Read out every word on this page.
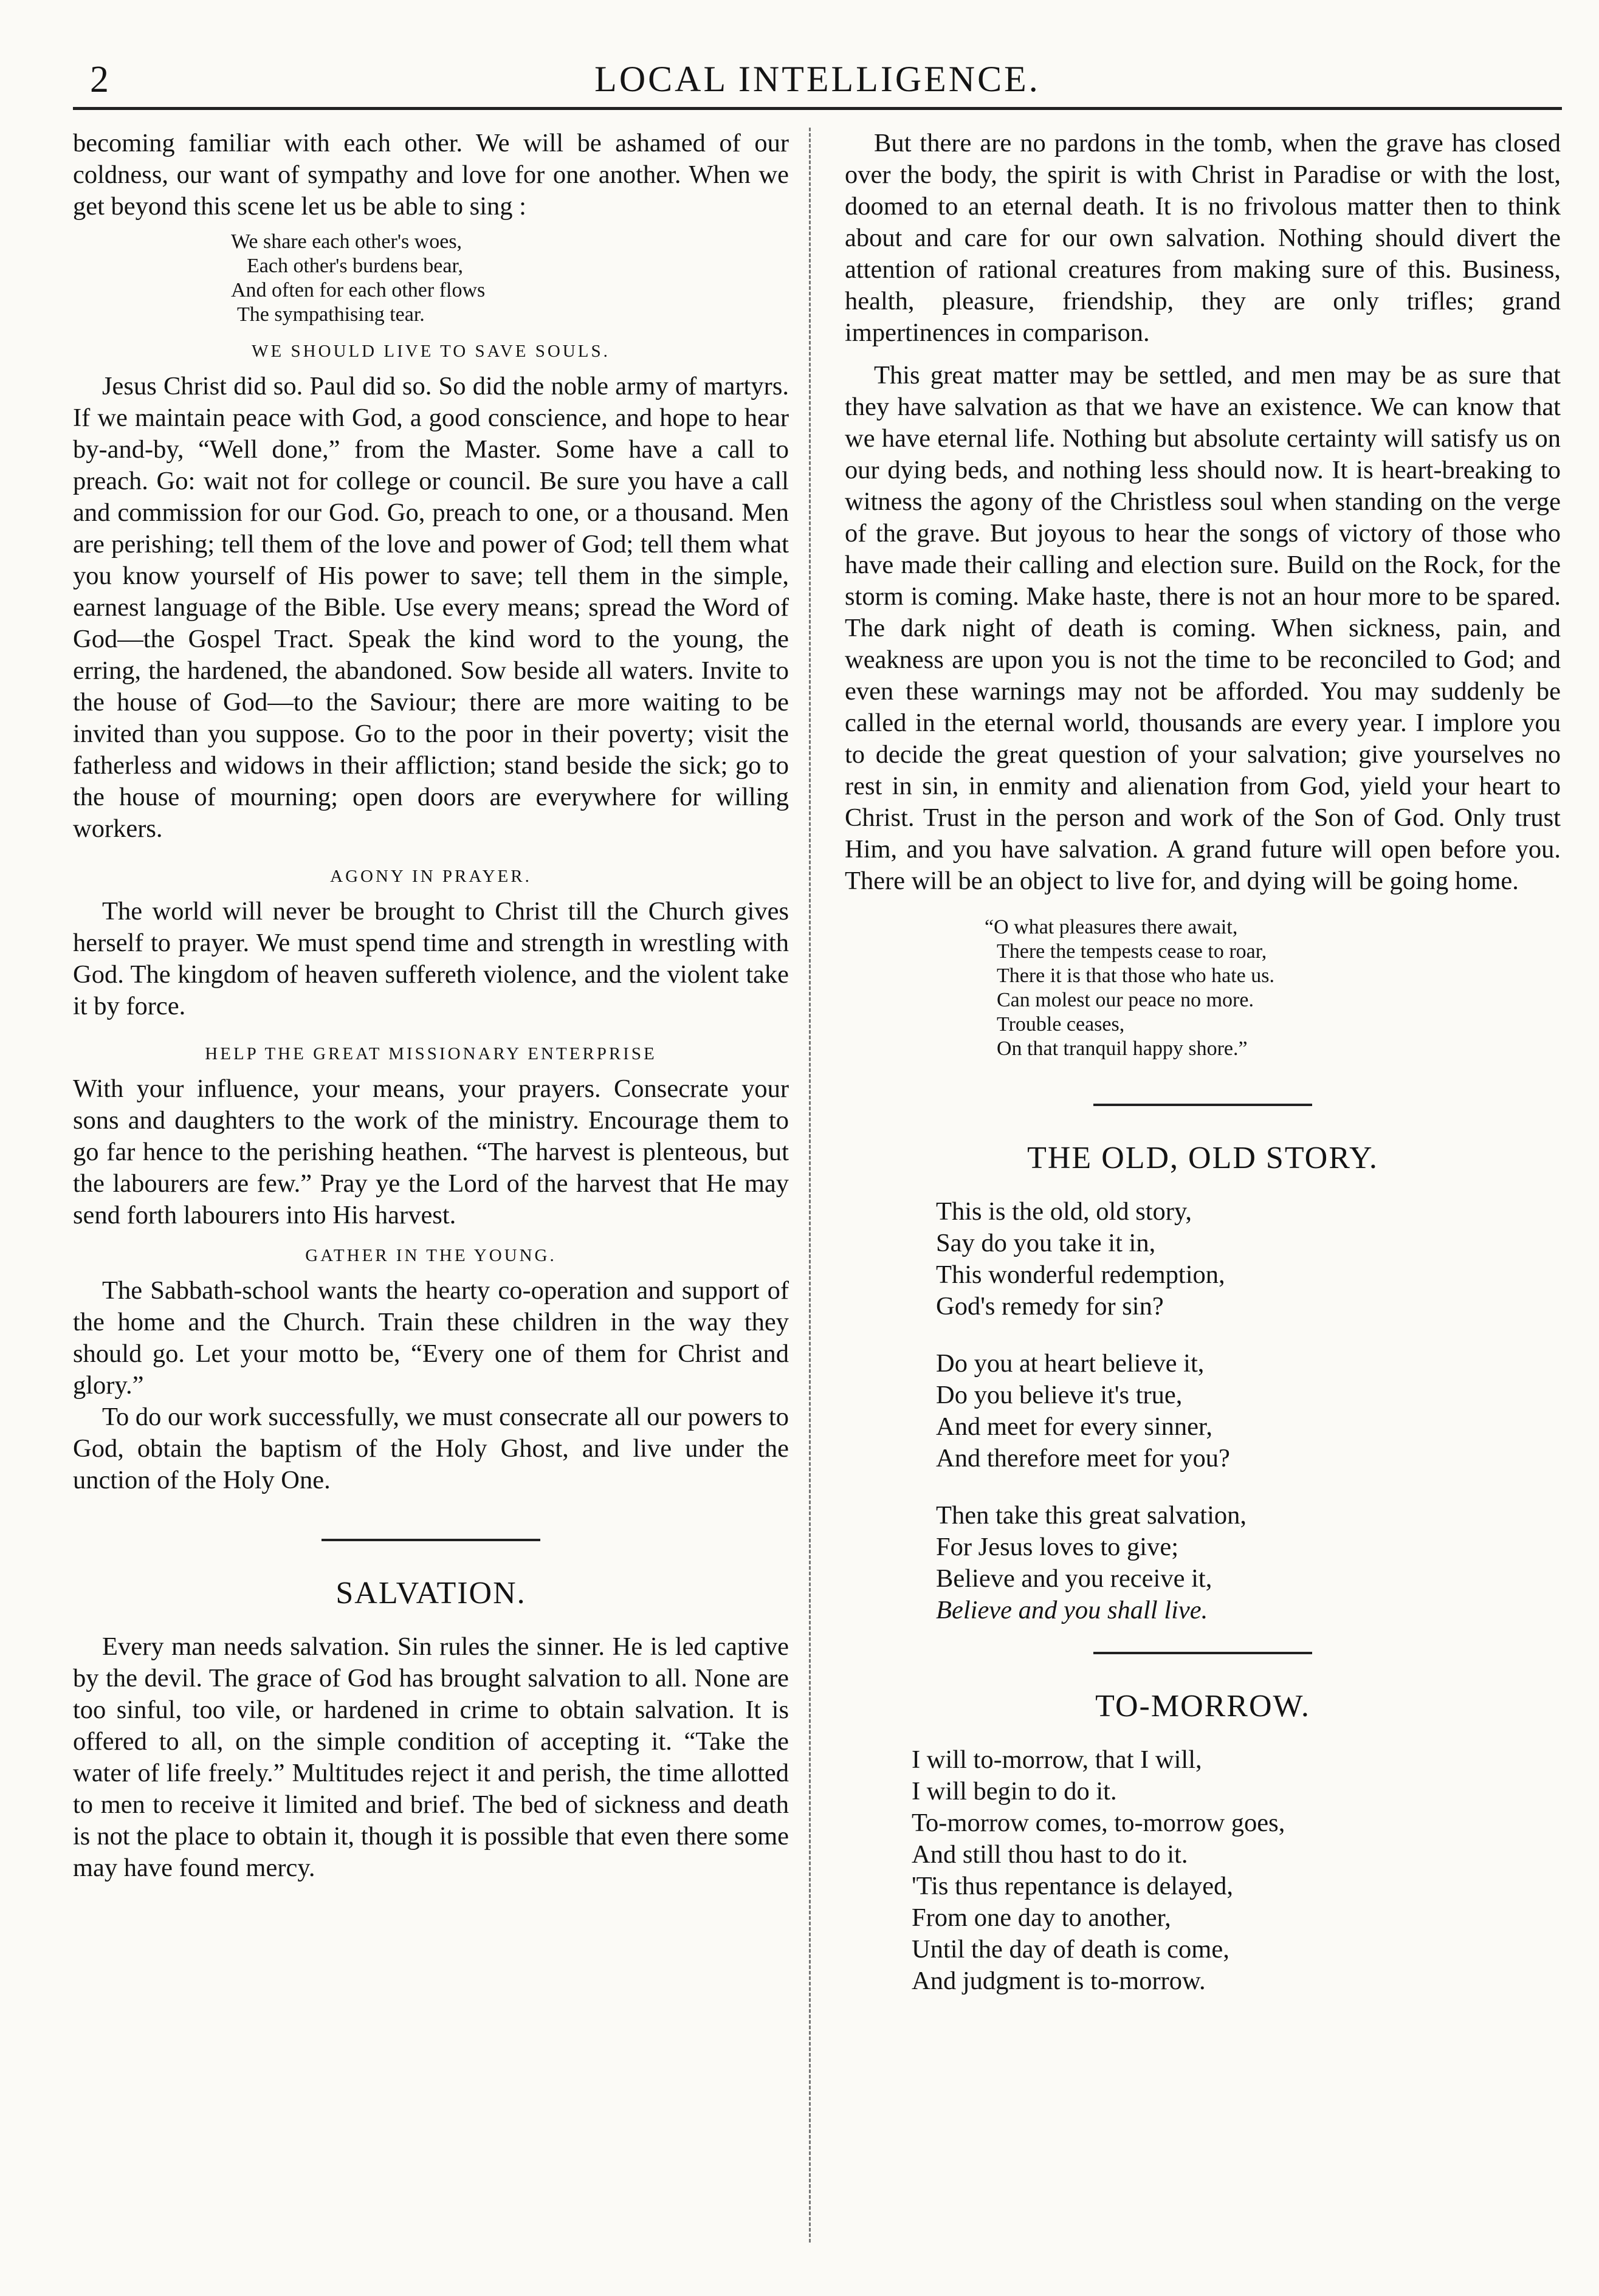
2	LOCAL INTELLIGENCE.

becoming familiar with each other. We will be ashamed of our coldness, our want of sympathy and love for one another. When we get beyond this scene let us be able to sing :

We share each other's woes,
Each other's burdens bear,
And often for each other flows
The sympathising tear.
WE SHOULD LIVE TO SAVE SOULS.

Jesus Christ did so. Paul did so. So did the noble army of martyrs. If we maintain peace with God, a good conscience, and hope to hear by-and-by, “Well done,” from the Master. Some have a call to preach. Go: wait not for college or council. Be sure you have a call and commission for our God. Go, preach to one, or a thousand. Men are perishing; tell them of the love and power of God; tell them what you know yourself of His power to save; tell them in the simple, earnest language of the Bible. Use every means; spread the Word of God—the Gospel Tract. Speak the kind word to the young, the erring, the hardened, the abandoned. Sow beside all waters. Invite to the house of God—to the Saviour; there are more waiting to be invited than you suppose. Go to the poor in their poverty; visit the fatherless and widows in their affliction; stand beside the sick; go to the house of mourning; open doors are everywhere for willing workers.

AGONY IN PRAYER.

The world will never be brought to Christ till the Church gives herself to prayer. We must spend time and strength in wrestling with God. The kingdom of heaven suffereth violence, and the violent take it by force.

HELP THE GREAT MISSIONARY ENTERPRISE

With your influence, your means, your prayers. Consecrate your sons and daughters to the work of the ministry. Encourage them to go far hence to the perishing heathen. “The harvest is plenteous, but the labourers are few.” Pray ye the Lord of the harvest that He may send forth labourers into His harvest.

GATHER IN THE YOUNG.

The Sabbath-school wants the hearty co-operation and support of the home and the Church. Train these children in the way they should go. Let your motto be, “Every one of them for Christ and glory.”

To do our work successfully, we must consecrate all our powers to God, obtain the baptism of the Holy Ghost, and live under the unction of the Holy One.

SALVATION.

Every man needs salvation. Sin rules the sinner. He is led captive by the devil. The grace of God has brought salvation to all. None are too sinful, too vile, or hardened in crime to obtain salvation. It is offered to all, on the simple condition of accepting it. “Take the water of life freely.” Multitudes reject it and perish, the time allotted to men to receive it limited and brief. The bed of sickness and death is not the place to obtain it, though it is possible that even there some may have found mercy.

But there are no pardons in the tomb, when the grave has closed over the body, the spirit is with Christ in Paradise or with the lost, doomed to an eternal death. It is no frivolous matter then to think about and care for our own salvation. Nothing should divert the attention of rational creatures from making sure of this. Business, health, pleasure, friendship, they are only trifles; grand impertinences in comparison.

This great matter may be settled, and men may be as sure that they have salvation as that we have an existence. We can know that we have eternal life. Nothing but absolute certainty will satisfy us on our dying beds, and nothing less should now. It is heart-breaking to witness the agony of the Christless soul when standing on the verge of the grave. But joyous to hear the songs of victory of those who have made their calling and election sure. Build on the Rock, for the storm is coming. Make haste, there is not an hour more to be spared. The dark night of death is coming. When sickness, pain, and weakness are upon you is not the time to be reconciled to God; and even these warnings may not be afforded. You may suddenly be called in the eternal world, thousands are every year. I implore you to decide the great question of your salvation; give yourselves no rest in sin, in enmity and alienation from God, yield your heart to Christ. Trust in the person and work of the Son of God. Only trust Him, and you have salvation. A grand future will open before you. There will be an object to live for, and dying will be going home.

“O what pleasures there await,
There the tempests cease to roar,
There it is that those who hate us.
Can molest our peace no more.
Trouble ceases,
On that tranquil happy shore.”
THE OLD, OLD STORY.
This is the old, old story,
Say do you take it in,
This wonderful redemption,
God's remedy for sin?
Do you at heart believe it,
Do you believe it's true,
And meet for every sinner,
And therefore meet for you?
Then take this great salvation,
For Jesus loves to give;
Believe and you receive it,
Believe and you shall live.
TO-MORROW.
I will to-morrow, that I will,
I will begin to do it.
To-morrow comes, to-morrow goes,
And still thou hast to do it.
'Tis thus repentance is delayed,
From one day to another,
Until the day of death is come,
And judgment is to-morrow.
